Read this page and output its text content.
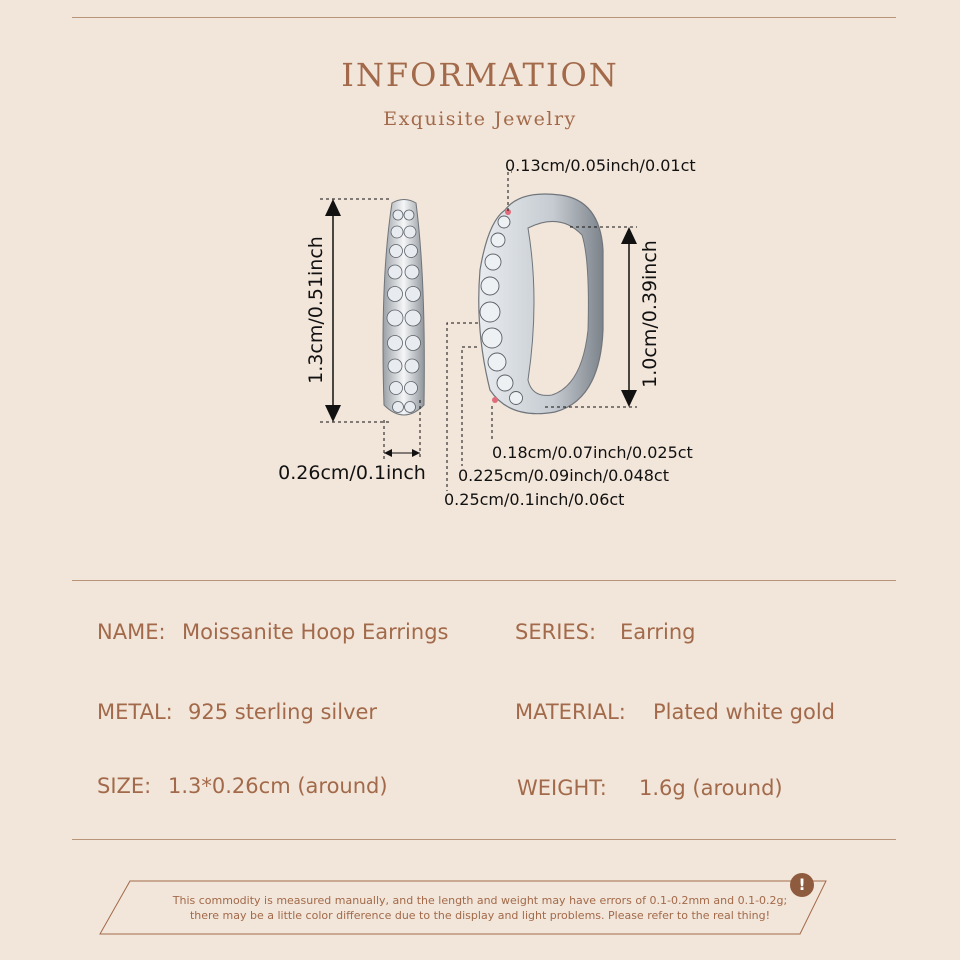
INFORMATION
Exquisite Jewelry
1.3cm/0.51inch
0.26cm/0.1inch
1.0cm/0.39inch
0.13cm/0.05inch/0.01ct
0.18cm/0.07inch/0.025ct
0.225cm/0.09inch/0.048ct
0.25cm/0.1inch/0.06ct
NAME: Moissanite Hoop Earrings	SERIES: Earring
METAL: 925 sterling silver	MATERIAL: Plated white gold
SIZE: 1.3*0.26cm (around)	WEIGHT: 1.6g (around)
This commodity is measured manually, and the length and weight may have errors of 0.1-0.2mm and 0.1-0.2g;
there may be a little color difference due to the display and light problems. Please refer to the real thing!
!
